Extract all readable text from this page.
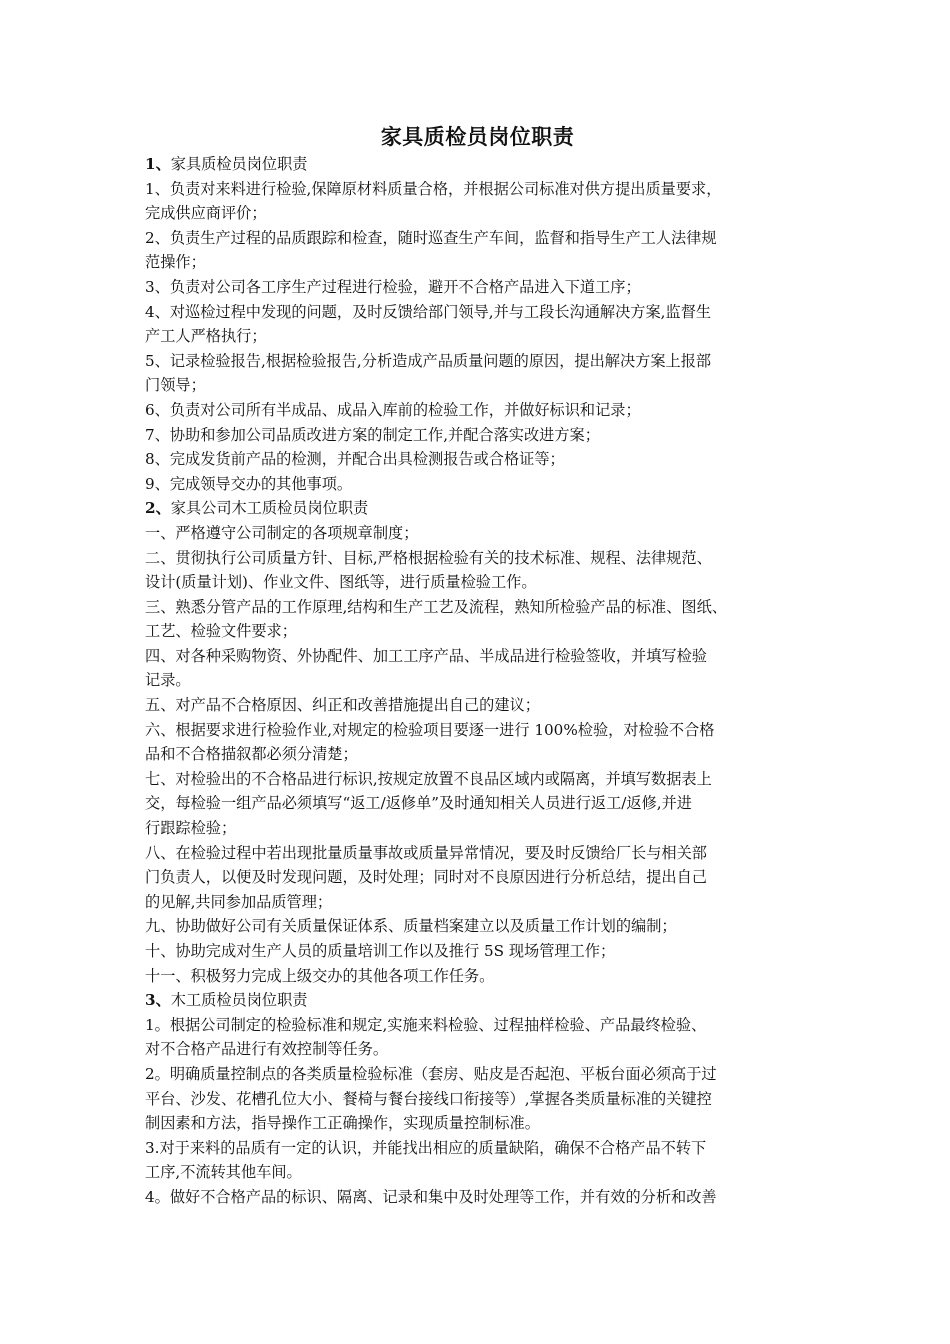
家具质检员岗位职责
1、家具质检员岗位职责
1、负责对来料进行检验,保障原材料质量合格，并根据公司标准对供方提出质量要求，
完成供应商评价；
2、负责生产过程的品质跟踪和检查，随时巡查生产车间，监督和指导生产工人法律规
范操作；
3、负责对公司各工序生产过程进行检验，避开不合格产品进入下道工序；
4、对巡检过程中发现的问题，及时反馈给部门领导,并与工段长沟通解决方案,监督生
产工人严格执行；
5、记录检验报告,根据检验报告,分析造成产品质量问题的原因，提出解决方案上报部
门领导；
6、负责对公司所有半成品、成品入库前的检验工作，并做好标识和记录；
7、协助和参加公司品质改进方案的制定工作,并配合落实改进方案；
8、完成发货前产品的检测，并配合出具检测报告或合格证等；
9、完成领导交办的其他事项。
2、家具公司木工质检员岗位职责
一、严格遵守公司制定的各项规章制度；
二、贯彻执行公司质量方针、目标,严格根据检验有关的技术标准、规程、法律规范、
设计(质量计划)、作业文件、图纸等，进行质量检验工作。
三、熟悉分管产品的工作原理,结构和生产工艺及流程，熟知所检验产品的标准、图纸、
工艺、检验文件要求；
四、对各种采购物资、外协配件、加工工序产品、半成品进行检验签收，并填写检验
记录。
五、对产品不合格原因、纠正和改善措施提出自己的建议；
六、根据要求进行检验作业,对规定的检验项目要逐一进行 100%检验，对检验不合格
品和不合格描叙都必须分清楚；
七、对检验出的不合格品进行标识,按规定放置不良品区域内或隔离，并填写数据表上
交，每检验一组产品必须填写“返工/返修单”及时通知相关人员进行返工/返修,并进
行跟踪检验；
八、在检验过程中若出现批量质量事故或质量异常情况，要及时反馈给厂长与相关部
门负责人，以便及时发现问题，及时处理；同时对不良原因进行分析总结，提出自己
的见解,共同参加品质管理；
九、协助做好公司有关质量保证体系、质量档案建立以及质量工作计划的编制；
十、协助完成对生产人员的质量培训工作以及推行 5S 现场管理工作；
十一、积极努力完成上级交办的其他各项工作任务。
3、木工质检员岗位职责
1。根据公司制定的检验标准和规定,实施来料检验、过程抽样检验、产品最终检验、
对不合格产品进行有效控制等任务。
2。明确质量控制点的各类质量检验标准（套房、贴皮是否起泡、平板台面必须高于过
平台、沙发、花槽孔位大小、餐椅与餐台接线口衔接等）,掌握各类质量标准的关键控
制因素和方法，指导操作工正确操作，实现质量控制标准。
3.对于来料的品质有一定的认识，并能找出相应的质量缺陷，确保不合格产品不转下
工序,不流转其他车间。
4。做好不合格产品的标识、隔离、记录和集中及时处理等工作，并有效的分析和改善
